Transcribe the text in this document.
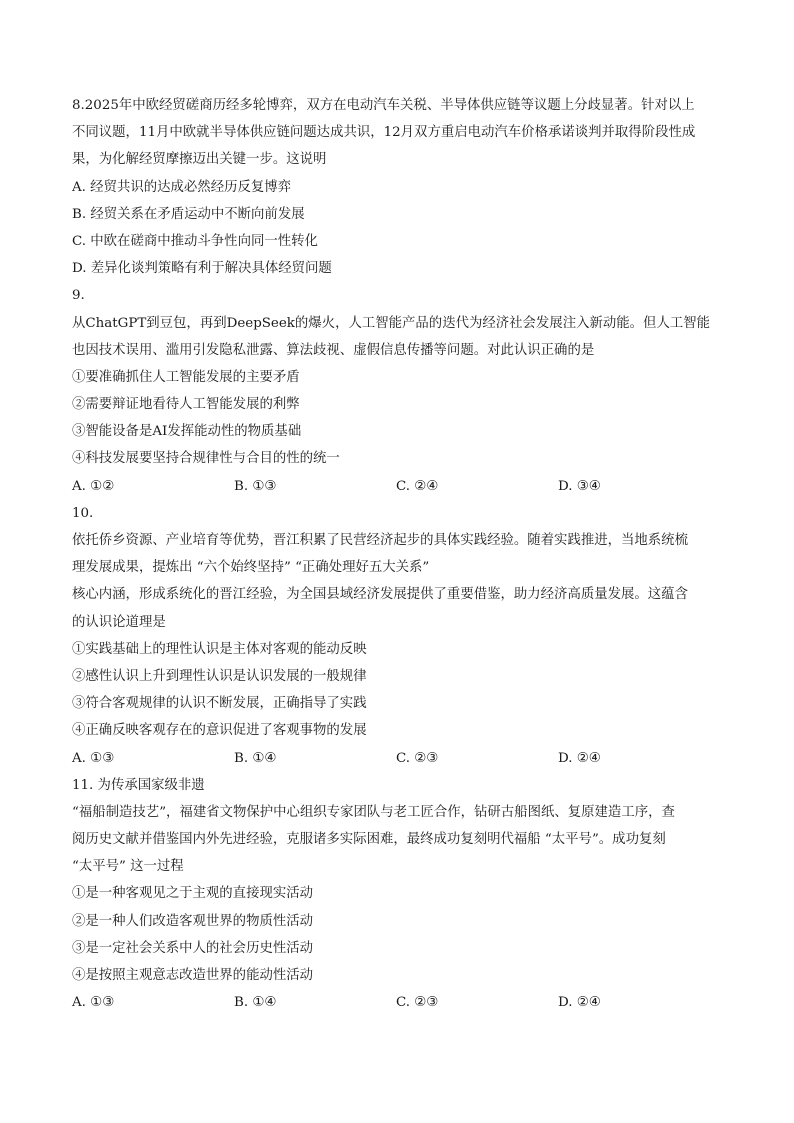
8.2025年中欧经贸磋商历经多轮博弈，双方在电动汽车关税、半导体供应链等议题上分歧显著。针对以上
不同议题，11月中欧就半导体供应链问题达成共识，12月双方重启电动汽车价格承诺谈判并取得阶段性成
果，为化解经贸摩擦迈出关键一步。这说明
A. 经贸共识的达成必然经历反复博弈
B. 经贸关系在矛盾运动中不断向前发展
C. 中欧在磋商中推动斗争性向同一性转化
D. 差异化谈判策略有利于解决具体经贸问题
9.
从ChatGPT到豆包，再到DeepSeek的爆火，人工智能产品的迭代为经济社会发展注入新动能。但人工智能
也因技术误用、滥用引发隐私泄露、算法歧视、虚假信息传播等问题。对此认识正确的是
①要准确抓住人工智能发展的主要矛盾
②需要辩证地看待人工智能发展的利弊
③智能设备是AI发挥能动性的物质基础
④科技发展要坚持合规律性与合目的性的统一
A. ①②	B. ①③	C. ②④	D. ③④
10.
依托侨乡资源、产业培育等优势，晋江积累了民营经济起步的具体实践经验。随着实践推进，当地系统梳
理发展成果，提炼出 “六个始终坚持” “正确处理好五大关系”
核心内涵，形成系统化的晋江经验，为全国县域经济发展提供了重要借鉴，助力经济高质量发展。这蕴含
的认识论道理是
①实践基础上的理性认识是主体对客观的能动反映
②感性认识上升到理性认识是认识发展的一般规律
③符合客观规律的认识不断发展，正确指导了实践
④正确反映客观存在的意识促进了客观事物的发展
A. ①③	B. ①④	C. ②③	D. ②④
11. 为传承国家级非遗
“福船制造技艺”，福建省文物保护中心组织专家团队与老工匠合作，钻研古船图纸、复原建造工序，查
阅历史文献并借鉴国内外先进经验，克服诸多实际困难，最终成功复刻明代福船 “太平号”。成功复刻
“太平号” 这一过程
①是一种客观见之于主观的直接现实活动
②是一种人们改造客观世界的物质性活动
③是一定社会关系中人的社会历史性活动
④是按照主观意志改造世界的能动性活动
A. ①③	B. ①④	C. ②③	D. ②④
